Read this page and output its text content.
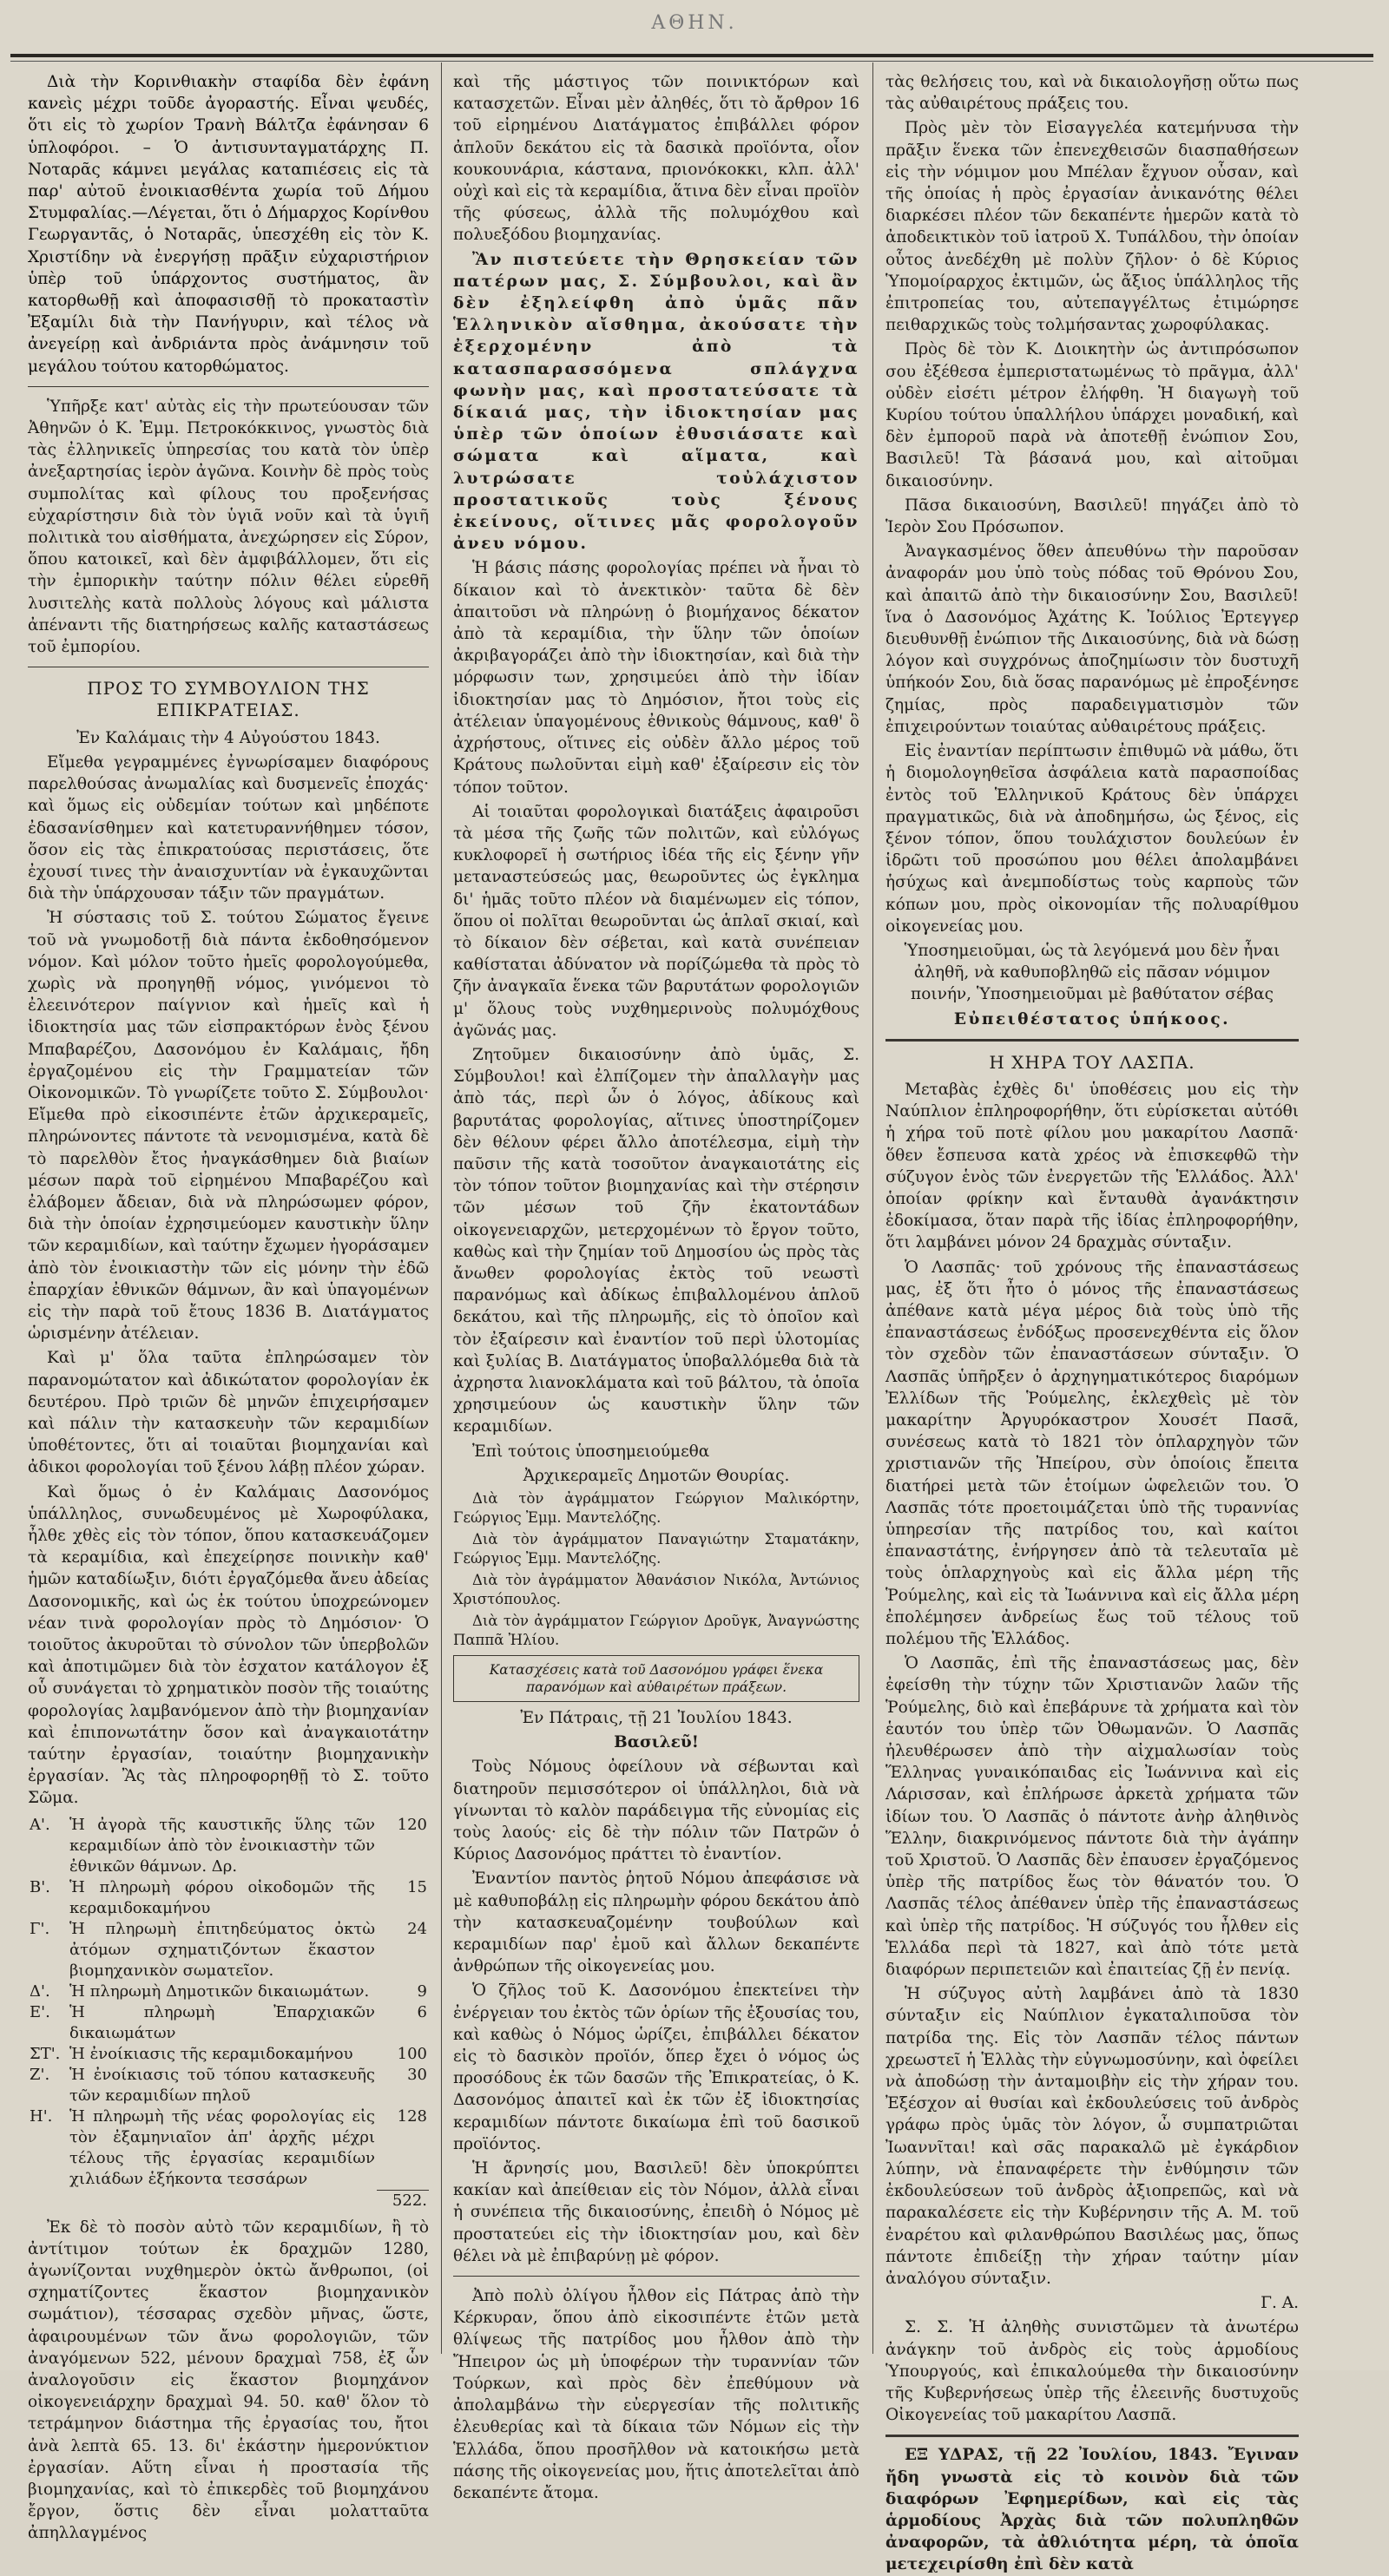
ΑΘΗΝ.

Διὰ τὴν Κορινθιακὴν σταφίδα δὲν ἐφάνη κανεὶς μέχρι τοῦδε ἀγοραστής. Εἶναι ψευδές, ὅτι εἰς τὸ χωρίον Τρανὴ Βάλτζα ἐφάνησαν 6 ὑπλοφόροι. – Ὁ ἀντισυνταγματάρχης Π. Νοταρᾶς κάμνει μεγάλας καταπιέσεις εἰς τὰ παρ' αὐτοῦ ἐνοικιασθέντα χωρία τοῦ Δήμου Στυμφαλίας.—Λέγεται, ὅτι ὁ Δήμαρχος Κορίνθου Γεωργαντᾶς, ὁ Νοταρᾶς, ὑπεσχέθη εἰς τὸν Κ. Χριστίδην νὰ ἐνεργήσῃ πρᾶξιν εὐχαριστήριον ὑπὲρ τοῦ ὑπάρχοντος συστήματος, ἂν κατορθωθῇ καὶ ἀποφασισθῇ τὸ προκαταστὶν Ἐξαμίλι διὰ τὴν Πανήγυριν, καὶ τέλος νὰ ἀνεγείρῃ καὶ ἀνδριάντα πρὸς ἀνάμνησιν τοῦ μεγάλου τούτου κατορθώματος.

Ὑπῆρξε κατ' αὐτὰς εἰς τὴν πρωτεύουσαν τῶν Ἀθηνῶν ὁ Κ. Ἐμμ. Πετροκόκκινος, γνωστὸς διὰ τὰς ἐλληνικεῖς ὑπηρεσίας του κατὰ τὸν ὑπὲρ ἀνεξαρτησίας ἱερὸν ἀγῶνα. Κοινὴν δὲ πρὸς τοὺς συμπολίτας καὶ φίλους του προξενήσας εὐχαρίστησιν διὰ τὸν ὑγιᾶ νοῦν καὶ τὰ ὑγιῆ πολιτικὰ του αἰσθήματα, ἀνεχώρησεν εἰς Σύρον, ὅπου κατοικεῖ, καὶ δὲν ἀμφιβάλλομεν, ὅτι εἰς τὴν ἐμπορικὴν ταύτην πόλιν θέλει εὑρεθῆ λυσιτελὴς κατὰ πολλοὺς λόγους καὶ μάλιστα ἀπέναντι τῆς διατηρήσεως καλῆς καταστάσεως τοῦ ἐμπορίου.

ΠΡΟΣ ΤΟ ΣΥΜΒΟΥΛΙΟΝ ΤΗΣ ΕΠΙΚΡΑΤΕΙΑΣ.

Ἐν Καλάμαις τὴν 4 Αὐγούστου 1843.

Εἴμεθα γεγραμμένες ἐγνωρίσαμεν διαφόρους παρελθούσας ἀνωμαλίας καὶ δυσμενεῖς ἐποχάς· καὶ ὅμως εἰς οὐδεμίαν τούτων καὶ μηδέποτε ἐδασανίσθημεν καὶ κατετυραννήθημεν τόσον, ὅσον εἰς τὰς ἐπικρατούσας περιστάσεις, ὅτε ἐχουσί τινες τὴν ἀναισχυντίαν νὰ ἐγκαυχῶνται διὰ τὴν ὑπάρχουσαν τάξιν τῶν πραγμάτων.

Ἡ σύστασις τοῦ Σ. τούτου Σώματος ἔγεινε τοῦ νὰ γνωμοδοτῇ διὰ πάντα ἐκδοθησόμενον νόμον. Καὶ μόλον τοῦτο ἡμεῖς φορολογούμεθα, χωρὶς νὰ προηγηθῇ νόμος, γινόμενοι τὸ ἐλεεινότερον παίγνιον καὶ ἡμεῖς καὶ ἡ ἰδιοκτησία μας τῶν εἰσπρακτόρων ἑνὸς ξένου Μπαβαρέζου, Δασονόμου ἐν Καλάμαις, ἤδη ἐργαζομένου εἰς τὴν Γραμματείαν τῶν Οἰκονομικῶν. Τὸ γνωρίζετε τοῦτο Σ. Σύμβουλοι· Εἴμεθα πρὸ εἰκοσιπέντε ἐτῶν ἀρχικεραμεῖς, πληρώνοντες πάντοτε τὰ νενομισμένα, κατὰ δὲ τὸ παρελθὸν ἔτος ἠναγκάσθημεν διὰ βιαίων μέσων παρὰ τοῦ εἰρημένου Μπαβαρέζου καὶ ἐλάβομεν ἄδειαν, διὰ νὰ πληρώσωμεν φόρον, διὰ τὴν ὁποίαν ἐχρησιμεύομεν καυστικὴν ὕλην τῶν κεραμιδίων, καὶ ταύτην ἔχωμεν ἠγοράσαμεν ἀπὸ τὸν ἐνοικιαστὴν τῶν εἰς μόνην τὴν ἐδῶ ἐπαρχίαν ἐθνικῶν θάμνων, ἂν καὶ ὑπαγομένων εἰς τὴν παρὰ τοῦ ἔτους 1836 Β. Διατάγματος ὡρισμένην ἀτέλειαν.

Καὶ μ' ὅλα ταῦτα ἐπληρώσαμεν τὸν παρανομώτατον καὶ ἀδικώτατον φορολογίαν ἐκ δευτέρου. Πρὸ τριῶν δὲ μηνῶν ἐπιχειρήσαμεν καὶ πάλιν τὴν κατασκευὴν τῶν κεραμιδίων ὑποθέτοντες, ὅτι αἱ τοιαῦται βιομηχανίαι καὶ ἀδικοι φορολογίαι τοῦ ξένου λάβῃ πλέον χώραν.

Καὶ ὅμως ὁ ἐν Καλάμαις Δασονόμος ὑπάλληλος, συνωδευμένος μὲ Χωροφύλακα, ἦλθε χθὲς εἰς τὸν τόπον, ὅπου κατασκευάζομεν τὰ κεραμίδια, καὶ ἐπεχείρησε ποινικὴν καθ' ἡμῶν καταδίωξιν, διότι ἐργαζόμεθα ἄνευ ἀδείας Δασονομικῆς, καὶ ὡς ἐκ τούτου ὑποχρεώνομεν νέαν τινὰ φορολογίαν πρὸς τὸ Δημόσιον· Ὁ τοιοῦτος ἀκυροῦται τὸ σύνολον τῶν ὑπερβολῶν καὶ ἀποτιμῶμεν διὰ τὸν ἐσχατον κατάλογον ἐξ οὗ συνάγεται τὸ χρηματικὸν ποσὸν τῆς τοιαύτης φορολογίας λαμβανόμενον ἀπὸ τὴν βιομηχανίαν καὶ ἐπιπονωτάτην ὅσον καὶ ἀναγκαιοτάτην ταύτην ἐργασίαν, τοιαύτην βιομηχανικὴν ἐργασίαν. Ἂς τὰς πληροφορηθῇ τὸ Σ. τοῦτο Σῶμα.

Α'.	Ἡ ἀγορὰ τῆς καυστικῆς ὕλης τῶν κεραμιδίων ἀπὸ τὸν ἐνοικιαστὴν τῶν ἐθνικῶν θάμνων. Δρ.	120
Β'.	Ἡ πληρωμὴ φόρου οἰκοδομῶν τῆς κεραμιδοκαμήνου	15
Γ'.	Ἡ πληρωμὴ ἐπιτηδεύματος ὀκτὼ ἀτόμων σχηματιζόντων ἕκαστον βιομηχανικὸν σωματεῖον.	24
Δ'.	Ἡ πληρωμὴ Δημοτικῶν δικαιωμάτων.	9
Ε'.	Ἡ πληρωμὴ Ἐπαρχιακῶν δικαιωμάτων	6
ΣΤ'.	Ἡ ἐνοίκιασις τῆς κεραμιδοκαμήνου	100
Ζ'.	Ἡ ἐνοίκιασις τοῦ τόπου κατασκευῆς τῶν κεραμιδίων πηλοῦ	30
Η'.	Ἡ πληρωμὴ τῆς νέας φορολογίας εἰς τὸν ἐξαμηνιαῖον ἀπ' ἀρχῆς μέχρι τέλους τῆς ἐργασίας κεραμιδίων χιλιάδων ἑξήκοντα τεσσάρων	128

		522.

Ἐκ δὲ τὸ ποσὸν αὐτὸ τῶν κεραμιδίων, ἢ τὸ ἀντίτιμον τούτων ἐκ δραχμῶν 1280, ἀγωνίζονται νυχθημερὸν ὀκτὼ ἄνθρωποι, (οἱ σχηματίζοντες ἕκαστον βιομηχανικὸν σωμάτιον), τέσσαρας σχεδὸν μῆνας, ὥστε, ἀφαιρουμένων τῶν ἄνω φορολογιῶν, τῶν ἀναγόμενων 522, μένουν δραχμαὶ 758, ἐξ ὧν ἀναλογοῦσιν εἰς ἕκαστον βιομηχάνον οἰκογενειάρχην δραχμαὶ 94. 50. καθ' ὅλον τὸ τετράμηνον διάστημα τῆς ἐργασίας του, ἤτοι ἀνὰ λεπτὰ 65. 13. δι' ἑκάστην ἡμερονύκτιον ἐργασίαν. Αὕτη εἶναι ἡ προστασία τῆς βιομηχανίας, καὶ τὸ ἐπικερδὲς τοῦ βιομηχάνου ἔργον, ὅστις δὲν εἶναι μολατταῦτα ἀπηλλαγμένος

καὶ τῆς μάστιγος τῶν ποινικτόρων καὶ κατασχετῶν. Εἶναι μὲν ἀληθές, ὅτι τὸ ἄρθρον 16 τοῦ εἰρημένου Διατάγματος ἐπιβάλλει φόρον ἀπλοῦν δεκάτου εἰς τὰ δασικὰ προϊόντα, οἷον κουκουνάρια, κάστανα, πριονόκοκκι, κλπ. ἀλλ' οὐχὶ καὶ εἰς τὰ κεραμίδια, ἅτινα δὲν εἶναι προϊὸν τῆς φύσεως, ἀλλὰ τῆς πολυμόχθου καὶ πολυεξόδου βιομηχανίας.

Ἂν πιστεύετε τὴν Θρησκείαν τῶν πατέρων μας, Σ. Σύμβουλοι, καὶ ἂν δὲν ἐξηλείφθη ἀπὸ ὑμᾶς πᾶν Ἑλληνικὸν αἴσθημα, ἀκούσατε τὴν ἐξερχομένην ἀπὸ τὰ κατασπαρασσόμενα σπλάγχνα φωνὴν μας, καὶ προστατεύσατε τὰ δίκαιά μας, τὴν ἰδιοκτησίαν μας ὑπὲρ τῶν ὁποίων ἐθυσιάσατε καὶ σώματα καὶ αἵματα, καὶ λυτρώσατε τοὐλάχιστον προστατικοῦς τοὺς ξένους ἐκείνους, οἵτινες μᾶς φορολογοῦν ἀνευ νόμου.

Ἡ βάσις πάσης φορολογίας πρέπει νὰ ἦναι τὸ δίκαιον καὶ τὸ ἀνεκτικὸν· ταῦτα δὲ δὲν ἀπαιτοῦσι νὰ πληρώνῃ ὁ βιομήχανος δέκατον ἀπὸ τὰ κεραμίδια, τὴν ὕλην τῶν ὁποίων ἀκριβαγοράζει ἀπὸ τὴν ἰδιοκτησίαν, καὶ διὰ τὴν μόρφωσιν των, χρησιμεύει ἀπὸ τὴν ἰδίαν ἰδιοκτησίαν μας τὸ Δημόσιον, ἤτοι τοὺς εἰς ἀτέλειαν ὑπαγομένους ἐθνικοὺς θάμνους, καθ' ὃ ἀχρήστους, οἵτινες εἰς οὐδὲν ἄλλο μέρος τοῦ Κράτους πωλοῦνται εἰμὴ καθ' ἐξαίρεσιν εἰς τὸν τόπον τοῦτον.

Αἱ τοιαῦται φορολογικαὶ διατάξεις ἀφαιροῦσι τὰ μέσα τῆς ζωῆς τῶν πολιτῶν, καὶ εὐλόγως κυκλοφορεῖ ἡ σωτήριος ἰδέα τῆς εἰς ξένην γῆν μεταναστεύσεώς μας, θεωροῦντες ὡς ἐγκλημα δι' ἡμᾶς τοῦτο πλέον νὰ διαμένωμεν εἰς τόπον, ὅπου οἱ πολῖται θεωροῦνται ὡς ἁπλαῖ σκιαί, καὶ τὸ δίκαιον δὲν σέβεται, καὶ κατὰ συνέπειαν καθίσταται ἀδύνατον νὰ πορίζώμεθα τὰ πρὸς τὸ ζῆν ἀναγκαῖα ἕνεκα τῶν βαρυτάτων φορολογιῶν μ' ὅλους τοὺς νυχθημερινοὺς πολυμόχθους ἀγῶνάς μας.

Ζητοῦμεν δικαιοσύνην ἀπὸ ὑμᾶς, Σ. Σύμβουλοι! καὶ ἐλπίζομεν τὴν ἀπαλλαγὴν μας ἀπὸ τάς, περὶ ὧν ὁ λόγος, ἀδίκους καὶ βαρυτάτας φορολογίας, αἵτινες ὑποστηρίζομεν δὲν θέλουν φέρει ἄλλο ἀποτέλεσμα, εἰμὴ τὴν παῦσιν τῆς κατὰ τοσοῦτον ἀναγκαιοτάτης εἰς τὸν τόπον τοῦτον βιομηχανίας καὶ τὴν στέρησιν τῶν μέσων τοῦ ζῆν ἐκατοντάδων οἰκογενειαρχῶν, μετερχομένων τὸ ἔργον τοῦτο, καθὼς καὶ τὴν ζημίαν τοῦ Δημοσίου ὡς πρὸς τὰς ἄνωθεν φορολογίας ἐκτὸς τοῦ νεωστὶ παρανόμως καὶ ἀδίκως ἐπιβαλλομένου ἁπλοῦ δεκάτου, καὶ τῆς πληρωμῆς, εἰς τὸ ὁποῖον καὶ τὸν ἐξαίρεσιν καὶ ἐναντίον τοῦ περὶ ὑλοτομίας καὶ ξυλίας Β. Διατάγματος ὑποβαλλόμεθα διὰ τὰ ἀχρηστα λιανοκλάματα καὶ τοῦ βάλτου, τὰ ὁποῖα χρησιμεύουν ὡς καυστικὴν ὕλην τῶν κεραμιδίων.

Ἐπὶ τούτοις ὑποσημειούμεθα

Ἀρχικεραμεῖς Δημοτῶν Θουρίας.

Διὰ τὸν ἀγράμματον Γεώργιον Μαλικόρτην, Γεώργιος Ἐμμ. Μαντελόζης.

Διὰ τὸν ἀγράμματον Παναγιώτην Σταματάκην, Γεώργιος Ἐμμ. Μαντελόζης.

Διὰ τὸν ἀγράμματον Ἀθανάσιον Νικόλα, Ἀντώνιος Χριστόπουλος.

Διὰ τὸν ἀγράμματον Γεώργιον Δροῦγκ, Ἀναγνώστης Παππᾶ Ἠλίου.

Κατασχέσεις κατὰ τοῦ Δασονόμου γράφει ἕνεκα παρανόμων καὶ αὐθαιρέτων πράξεων.

Ἐν Πάτραις, τῇ 21 Ἰουλίου 1843.

Βασιλεῦ!

Τοὺς Νόμους ὀφείλουν νὰ σέβωνται καὶ διατηροῦν πεμισσότερον οἱ ὑπάλληλοι, διὰ νὰ γίνωνται τὸ καλὸν παράδειγμα τῆς εὐνομίας εἰς τοὺς λαούς· εἰς δὲ τὴν πόλιν τῶν Πατρῶν ὁ Κύριος Δασονόμος πράττει τὸ ἐναντίον.

Ἐναντίον παντὸς ῥητοῦ Νόμου ἀπεφάσισε νὰ μὲ καθυποβάλῃ εἰς πληρωμὴν φόρου δεκάτου ἀπὸ τὴν κατασκευαζομένην τουβούλων καὶ κεραμιδίων παρ' ἐμοῦ καὶ ἄλλων δεκαπέντε ἀνθρώπων τῆς οἰκογενείας μου.

Ὁ ζῆλος τοῦ Κ. Δασονόμου ἐπεκτείνει τὴν ἐνέργειαν του ἐκτὸς τῶν ὁρίων τῆς ἐξουσίας του, καὶ καθὼς ὁ Νόμος ὡρίζει, ἐπιβάλλει δέκατον εἰς τὸ δασικὸν προϊόν, ὅπερ ἔχει ὁ νόμος ὡς προσόδους ἐκ τῶν δασῶν τῆς Ἐπικρατείας, ὁ Κ. Δασονόμος ἀπαιτεῖ καὶ ἐκ τῶν ἐξ ἰδιοκτησίας κεραμιδίων πάντοτε δικαίωμα ἐπὶ τοῦ δασικοῦ προϊόντος.

Ἡ ἄρνησίς μου, Βασιλεῦ! δὲν ὑποκρύπτει κακίαν καὶ ἀπείθειαν εἰς τὸν Νόμον, ἀλλὰ εἶναι ἡ συνέπεια τῆς δικαιοσύνης, ἐπειδὴ ὁ Νόμος μὲ προστατεύει εἰς τὴν ἰδιοκτησίαν μου, καὶ δὲν θέλει νὰ μὲ ἐπιβαρύνῃ μὲ φόρον.

Ἀπὸ πολὺ ὀλίγου ἦλθον εἰς Πάτρας ἀπὸ τὴν Κέρκυραν, ὅπου ἀπὸ εἰκοσιπέντε ἐτῶν μετὰ θλίψεως τῆς πατρίδος μου ἦλθον ἀπὸ τὴν Ἤπειρον ὡς μὴ ὑποφέρων τὴν τυραννίαν τῶν Τούρκων, καὶ πρὸς δὲν ἐπεθύμουν νὰ ἀπολαμβάνω τὴν εὐεργεσίαν τῆς πολιτικῆς ἐλευθερίας καὶ τὰ δίκαια τῶν Νόμων εἰς τὴν Ἑλλάδα, ὅπου προσῆλθον νὰ κατοικήσω μετὰ πάσης τῆς οἰκογενείας μου, ἥτις ἀποτελεῖται ἀπὸ δεκαπέντε ἄτομα.

τὰς θελήσεις του, καὶ νὰ δικαιολογῆσῃ οὕτω πως τὰς αὐθαιρέτους πράξεις του.

Πρὸς μὲν τὸν Εἰσαγγελέα κατεμήνυσα τὴν πρᾶξιν ἕνεκα τῶν ἐπενεχθεισῶν διασπαθήσεων εἰς τὴν νόμιμον μου Μπέλαν ἔχγυον οὖσαν, καὶ τῆς ὁποίας ἡ πρὸς ἐργασίαν ἀνικανότης θέλει διαρκέσει πλέον τῶν δεκαπέντε ἡμερῶν κατὰ τὸ ἀποδεικτικὸν τοῦ ἰατροῦ Χ. Τυπάλδου, τὴν ὁποίαν οὗτος ἀνεδέχθη μὲ πολὺν ζῆλον· ὁ δὲ Κύριος Ὑπομοίραρχος ἐκτιμῶν, ὡς ἄξιος ὑπάλληλος τῆς ἐπιτροπείας του, αὐτεπαγγέλτως ἐτιμώρησε πειθαρχικῶς τοὺς τολμήσαντας χωροφύλακας.

Πρὸς δὲ τὸν Κ. Διοικητὴν ὡς ἀντιπρόσωπον σου ἐξέθεσα ἐμπεριστατωμένως τὸ πρᾶγμα, ἀλλ' οὐδὲν εἰσέτι μέτρον ἐλήφθη. Ἡ διαγωγὴ τοῦ Κυρίου τούτου ὑπαλλήλου ὑπάρχει μοναδική, καὶ δὲν ἐμποροῦ παρὰ νὰ ἀποτεθῇ ἐνώπιον Σου, Βασιλεῦ! Τὰ βάσανά μου, καὶ αἰτοῦμαι δικαιοσύνην.

Πᾶσα δικαιοσύνη, Βασιλεῦ! πηγάζει ἀπὸ τὸ Ἱερὸν Σου Πρόσωπον.

Ἀναγκασμένος ὅθεν ἀπευθύνω τὴν παροῦσαν ἀναφοράν μου ὑπὸ τοὺς πόδας τοῦ Θρόνου Σου, καὶ ἀπαιτῶ ἀπὸ τὴν δικαιοσύνην Σου, Βασιλεῦ! ἵνα ὁ Δασονόμος Ἀχάτης Κ. Ἰούλιος Ἐρτεγγερ διευθυνθῇ ἐνώπιον τῆς Δικαιοσύνης, διὰ νὰ δώσῃ λόγον καὶ συγχρόνως ἀποζημίωσιν τὸν δυστυχῆ ὑπήκοόν Σου, διὰ ὅσας παρανόμως μὲ ἐπροξένησε ζημίας, πρὸς παραδειγματισμὸν τῶν ἐπιχειρούντων τοιαύτας αὐθαιρέτους πράξεις.

Εἰς ἐναντίαν περίπτωσιν ἐπιθυμῶ νὰ μάθω, ὅτι ἡ διομολογηθεῖσα ἀσφάλεια κατὰ παρασποίδας ἐντὸς τοῦ Ἑλληνικοῦ Κράτους δὲν ὑπάρχει πραγματικῶς, διὰ νὰ ἀποδημήσω, ὡς ξένος, εἰς ξένον τόπον, ὅπου τουλάχιστον δουλεύων ἐν ἱδρῶτι τοῦ προσώπου μου θέλει ἀπολαμβάνει ἡσύχως καὶ ἀνεμποδίστως τοὺς καρποὺς τῶν κόπων μου, πρὸς οἰκονομίαν τῆς πολυαρίθμου οἰκογενείας μου.

Ὑποσημειοῦμαι, ὡς τὰ λεγόμενά μου δὲν ἦναι ἀληθῆ, νὰ καθυποβληθῶ εἰς πᾶσαν νόμιμον ποινήν, Ὑποσημειοῦμαι μὲ βαθύτατον σέβας

Εὐπειθέστατος ὑπήκοος.

Η ΧΗΡΑ ΤΟΥ ΛΑΣΠΑ.

Μεταβὰς ἐχθὲς δι' ὑποθέσεις μου εἰς τὴν Ναύπλιον ἐπληροφορήθην, ὅτι εὑρίσκεται αὐτόθι ἡ χήρα τοῦ ποτὲ φίλου μου μακαρίτου Λασπᾶ· ὅθεν ἔσπευσα κατὰ χρέος νὰ ἐπισκεφθῶ τὴν σύζυγον ἑνὸς τῶν ἐνεργετῶν τῆς Ἑλλάδος. Ἀλλ' ὁποίαν φρίκην καὶ ἔνταυθὰ ἀγανάκτησιν ἐδοκίμασα, ὅταν παρὰ τῆς ἰδίας ἐπληροφορήθην, ὅτι λαμβάνει μόνον 24 δραχμὰς σύνταξιν.

Ὁ Λασπᾶς· τοῦ χρόνους τῆς ἐπαναστάσεως μας, ἐξ ὅτι ἦτο ὁ μόνος τῆς ἐπαναστάσεως ἀπέθανε κατὰ μέγα μέρος διὰ τοὺς ὑπὸ τῆς ἐπαναστάσεως ἐνδόξως προσενεχθέντα εἰς ὅλον τὸν σχεδὸν τῶν ἐπαναστάσεων σύνταξιν. Ὁ Λασπᾶς ὑπῆρξεν ὁ ἀρχηγηματικότερος διαρόμων Ἐλλίδων τῆς Ῥούμελης, ἐκλεχθεὶς μὲ τὸν μακαρίτην Ἀργυρόκαστρον Χουσέτ Πασᾶ, συνέσεως κατὰ τὸ 1821 τὸν ὁπλαρχηγὸν τῶν χριστιανῶν τῆς Ἠπείρου, σὺν ὁποίοις ἔπειτα διατήρεi μετὰ τῶν ἑτοίμων ὡφελειῶν του. Ὁ Λασπᾶς τότε προετοιμάζεται ὑπὸ τῆς τυραννίας ὑπηρεσίαν τῆς πατρίδος του, καὶ καίτοι ἐπαναστάτης, ἐνήργησεν ἀπὸ τὰ τελευταῖα μὲ τοὺς ὁπλαρχηγοὺς καὶ εἰς ἄλλα μέρη τῆς Ῥούμελης, καὶ εἰς τὰ Ἰωάννινα καὶ εἰς ἄλλα μέρη ἐπολέμησεν ἀνδρείως ἕως τοῦ τέλους τοῦ πολέμου τῆς Ἑλλάδος.

Ὁ Λασπᾶς, ἐπὶ τῆς ἐπαναστάσεως μας, δὲν ἐφείσθη τὴν τύχην τῶν Χριστιανῶν λαῶν τῆς Ῥούμελης, διὸ καὶ ἐπεβάρυνε τὰ χρήματα καὶ τὸν ἑαυτόν του ὑπὲρ τῶν Ὀθωμανῶν. Ὁ Λασπᾶς ἠλευθέρωσεν ἀπὸ τὴν αἰχμαλωσίαν τοὺς Ἕλληνας γυναικόπαιδας εἰς Ἰωάννινα καὶ εἰς Λάρισσαν, καὶ ἐπλήρωσε ἀρκετὰ χρήματα τῶν ἰδίων του. Ὁ Λασπᾶς ὁ πάντοτε ἀνὴρ ἀληθινὸς Ἕλλην, διακρινόμενος πάντοτε διὰ τὴν ἀγάπην τοῦ Χριστοῦ. Ὁ Λασπᾶς δὲν ἐπαυσεν ἐργαζόμενος ὑπὲρ τῆς πατρίδος ἕως τὸν θάνατόν του. Ὁ Λασπᾶς τέλος ἀπέθανεν ὑπὲρ τῆς ἐπαναστάσεως καὶ ὑπὲρ τῆς πατρίδος. Ἡ σύζυγός του ἦλθεν εἰς Ἑλλάδα περὶ τὰ 1827, καὶ ἀπὸ τότε μετὰ διαφόρων περιπετειῶν καὶ ἐπαιτείας ζῇ ἐν πενίᾳ.

Ἡ σύζυγος αὐτὴ λαμβάνει ἀπὸ τὰ 1830 σύνταξιν εἰς Ναύπλιον ἐγκαταλιποῦσα τὸν πατρίδα της. Εἰς τὸν Λασπᾶν τέλος πάντων χρεωστεῖ ἡ Ἑλλὰς τὴν εὐγνωμοσύνην, καὶ ὀφείλει νὰ ἀποδώσῃ τὴν ἀνταμοιβὴν εἰς τὴν χήραν του. Ἐξέσχον αἱ θυσίαι καὶ ἐκδουλεύσεις τοῦ ἀνδρὸς γράφω πρὸς ὑμᾶς τὸν λόγον, ὦ συμπατριῶται Ἰωαννῖται! καὶ σᾶς παρακαλῶ μὲ ἐγκάρδιον λύπην, νὰ ἐπαναφέρετε τὴν ἐνθύμησιν τῶν ἐκδουλεύσεων τοῦ ἀνδρὸς ἀξιοπρεπῶς, καὶ νὰ παρακαλέσετε εἰς τὴν Κυβέρνησιν τῆς Α. Μ. τοῦ ἐναρέτου καὶ φιλανθρώπου Βασιλέως μας, ὅπως πάντοτε ἐπιδείξῃ τὴν χήραν ταύτην μίαν ἀναλόγου σύνταξιν.

Γ. Α.

Σ. Σ. Ἡ ἀληθὴς συνιστῶμεν τὰ ἀνωτέρω ἀνάγκην τοῦ ἀνδρὸς εἰς τοὺς ἁρμοδίους Ὑπουργούς, καὶ ἐπικαλούμεθα τὴν δικαιοσύνην τῆς Κυβερνήσεως ὑπὲρ τῆς ἐλεεινῆς δυστυχοῦς Οἰκογενείας τοῦ μακαρίτου Λασπᾶ.

ΕΞ ΥΔΡΑΣ, τῇ 22 Ἰουλίου, 1843. Ἔγιναν ἤδη γνωστὰ εἰς τὸ κοινὸν διὰ τῶν διαφόρων Ἐφημερίδων, καὶ εἰς τὰς ἁρμοδίους Ἀρχὰς διὰ τῶν πολυπληθῶν ἀναφορῶν, τὰ ἀθλιότητα μέρη, τὰ ὁποῖα μετεχειρίσθη ἐπὶ δὲν κατὰ
